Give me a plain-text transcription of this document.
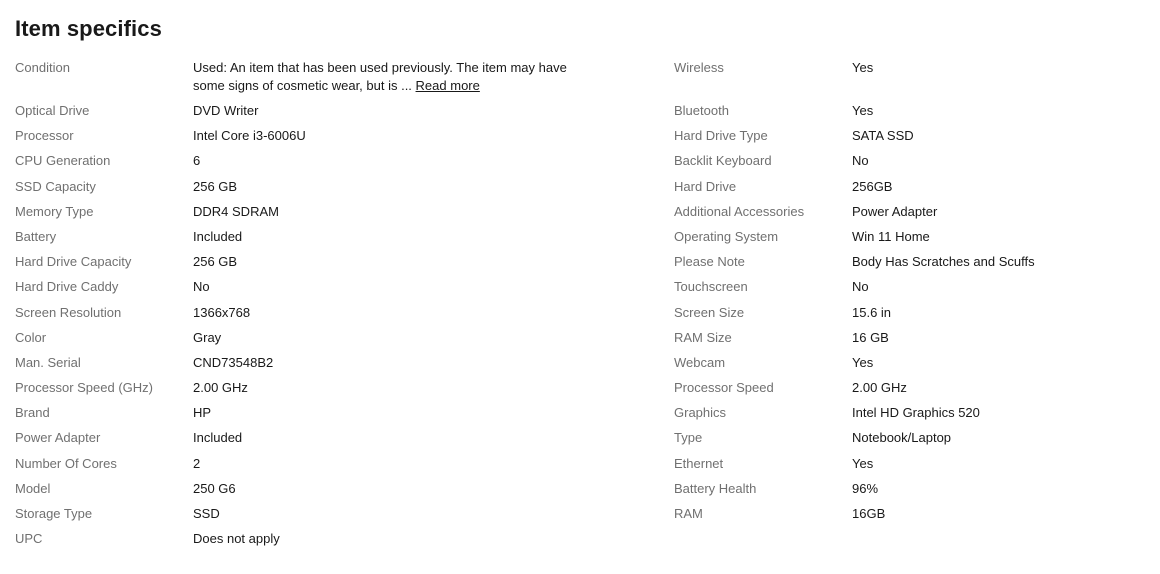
Item specifics
Condition	Used: An item that has been used previously. The item may have some signs of cosmetic wear, but is ... Read more
Optical Drive	DVD Writer
Processor	Intel Core i3-6006U
CPU Generation	6
SSD Capacity	256 GB
Memory Type	DDR4 SDRAM
Battery	Included
Hard Drive Capacity	256 GB
Hard Drive Caddy	No
Screen Resolution	1366x768
Color	Gray
Man. Serial	CND73548B2
Processor Speed (GHz)	2.00 GHz
Brand	HP
Power Adapter	Included
Number Of Cores	2
Model	250 G6
Storage Type	SSD
UPC	Does not apply
Wireless	Yes
Bluetooth	Yes
Hard Drive Type	SATA SSD
Backlit Keyboard	No
Hard Drive	256GB
Additional Accessories	Power Adapter
Operating System	Win 11 Home
Please Note	Body Has Scratches and Scuffs
Touchscreen	No
Screen Size	15.6 in
RAM Size	16 GB
Webcam	Yes
Processor Speed	2.00 GHz
Graphics	Intel HD Graphics 520
Type	Notebook/Laptop
Ethernet	Yes
Battery Health	96%
RAM	16GB
